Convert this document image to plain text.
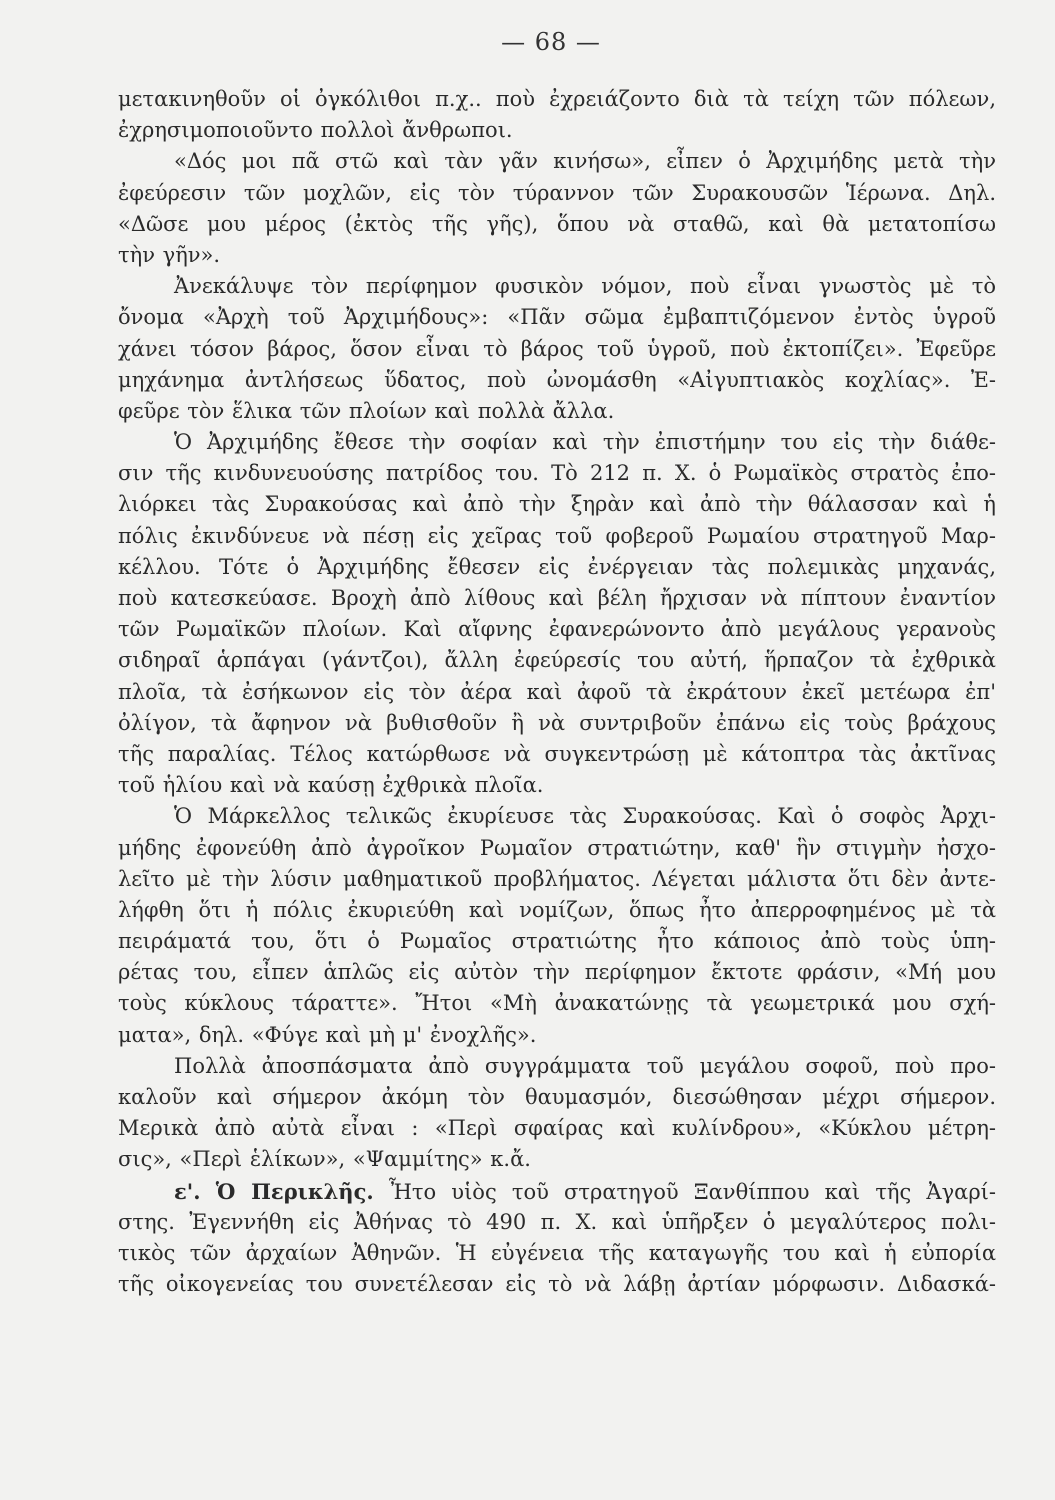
— 68 —
μετακινηθοῦν οἱ ὀγκόλιθοι π.χ.. ποὺ ἐχρειάζοντο διὰ τὰ τείχη τῶν πόλεων,
ἐχρησιμοποιοῦντο πολλοὶ ἄνθρωποι.
«Δός μοι πᾶ στῶ καὶ τὰν γᾶν κινήσω», εἶπεν ὁ Ἀρχιμήδης μετὰ τὴν
ἐφεύρεσιν τῶν μοχλῶν, εἰς τὸν τύραννον τῶν Συρακουσῶν Ἱέρωνα. Δηλ.
«Δῶσε μου μέρος (ἐκτὸς τῆς γῆς), ὅπου νὰ σταθῶ, καὶ θὰ μετατοπίσω
τὴν γῆν».
Ἀνεκάλυψε τὸν περίφημον φυσικὸν νόμον, ποὺ εἶναι γνωστὸς μὲ τὸ
ὄνομα «Ἀρχὴ τοῦ Ἀρχιμήδους»: «Πᾶν σῶμα ἐμβαπτιζόμενον ἐντὸς ὑγροῦ
χάνει τόσον βάρος, ὅσον εἶναι τὸ βάρος τοῦ ὑγροῦ, ποὺ ἐκτοπίζει». Ἐφεῦρε
μηχάνημα ἀντλήσεως ὕδατος, ποὺ ὠνομάσθη «Αἰγυπτιακὸς κοχλίας». Ἐ-
φεῦρε τὸν ἕλικα τῶν πλοίων καὶ πολλὰ ἄλλα.
Ὁ Ἀρχιμήδης ἔθεσε τὴν σοφίαν καὶ τὴν ἐπιστήμην του εἰς τὴν διάθε-
σιν τῆς κινδυνευούσης πατρίδος του. Τὸ 212 π. Χ. ὁ Ρωμαϊκὸς στρατὸς ἐπο-
λιόρκει τὰς Συρακούσας καὶ ἀπὸ τὴν ξηρὰν καὶ ἀπὸ τὴν θάλασσαν καὶ ἡ
πόλις ἐκινδύνευε νὰ πέσῃ εἰς χεῖρας τοῦ φοβεροῦ Ρωμαίου στρατηγοῦ Μαρ-
κέλλου. Τότε ὁ Ἀρχιμήδης ἔθεσεν εἰς ἐνέργειαν τὰς πολεμικὰς μηχανάς,
ποὺ κατεσκεύασε. Βροχὴ ἀπὸ λίθους καὶ βέλη ἤρχισαν νὰ πίπτουν ἐναντίον
τῶν Ρωμαϊκῶν πλοίων. Καὶ αἴφνης ἐφανερώνοντο ἀπὸ μεγάλους γερανοὺς
σιδηραῖ ἁρπάγαι (γάντζοι), ἄλλη ἐφεύρεσίς του αὐτή, ἥρπαζον τὰ ἐχθρικὰ
πλοῖα, τὰ ἐσήκωνον εἰς τὸν ἀέρα καὶ ἀφοῦ τὰ ἐκράτουν ἐκεῖ μετέωρα ἐπ'
ὀλίγον, τὰ ἄφηνον νὰ βυθισθοῦν ἢ νὰ συντριβοῦν ἐπάνω εἰς τοὺς βράχους
τῆς παραλίας. Τέλος κατώρθωσε νὰ συγκεντρώσῃ μὲ κάτοπτρα τὰς ἀκτῖνας
τοῦ ἡλίου καὶ νὰ καύσῃ ἐχθρικὰ πλοῖα.
Ὁ Μάρκελλος τελικῶς ἐκυρίευσε τὰς Συρακούσας. Καὶ ὁ σοφὸς Ἀρχι-
μήδης ἐφονεύθη ἀπὸ ἀγροῖκον Ρωμαῖον στρατιώτην, καθ' ἣν στιγμὴν ἠσχο-
λεῖτο μὲ τὴν λύσιν μαθηματικοῦ προβλήματος. Λέγεται μάλιστα ὅτι δὲν ἀντε-
λήφθη ὅτι ἡ πόλις ἐκυριεύθη καὶ νομίζων, ὅπως ἦτο ἀπερροφημένος μὲ τὰ
πειράματά του, ὅτι ὁ Ρωμαῖος στρατιώτης ἦτο κάποιος ἀπὸ τοὺς ὑπη-
ρέτας του, εἶπεν ἁπλῶς εἰς αὐτὸν τὴν περίφημον ἔκτοτε φράσιν, «Μή μου
τοὺς κύκλους τάραττε». Ἤτοι «Μὴ ἀνακατώνῃς τὰ γεωμετρικά μου σχή-
ματα», δηλ. «Φύγε καὶ μὴ μ' ἐνοχλῆς».
Πολλὰ ἀποσπάσματα ἀπὸ συγγράμματα τοῦ μεγάλου σοφοῦ, ποὺ προ-
καλοῦν καὶ σήμερον ἀκόμη τὸν θαυμασμόν, διεσώθησαν μέχρι σήμερον.
Μερικὰ ἀπὸ αὐτὰ εἶναι : «Περὶ σφαίρας καὶ κυλίνδρου», «Κύκλου μέτρη-
σις», «Περὶ ἑλίκων», «Ψαμμίτης» κ.ἄ.
ε'. Ὁ Περικλῆς. Ἦτο υἱὸς τοῦ στρατηγοῦ Ξανθίππου καὶ τῆς Ἀγαρί-
στης. Ἐγεννήθη εἰς Ἀθήνας τὸ 490 π. Χ. καὶ ὑπῆρξεν ὁ μεγαλύτερος πολι-
τικὸς τῶν ἀρχαίων Ἀθηνῶν. Ἡ εὐγένεια τῆς καταγωγῆς του καὶ ἡ εὐπορία
τῆς οἰκογενείας του συνετέλεσαν εἰς τὸ νὰ λάβῃ ἀρτίαν μόρφωσιν. Διδασκά-
